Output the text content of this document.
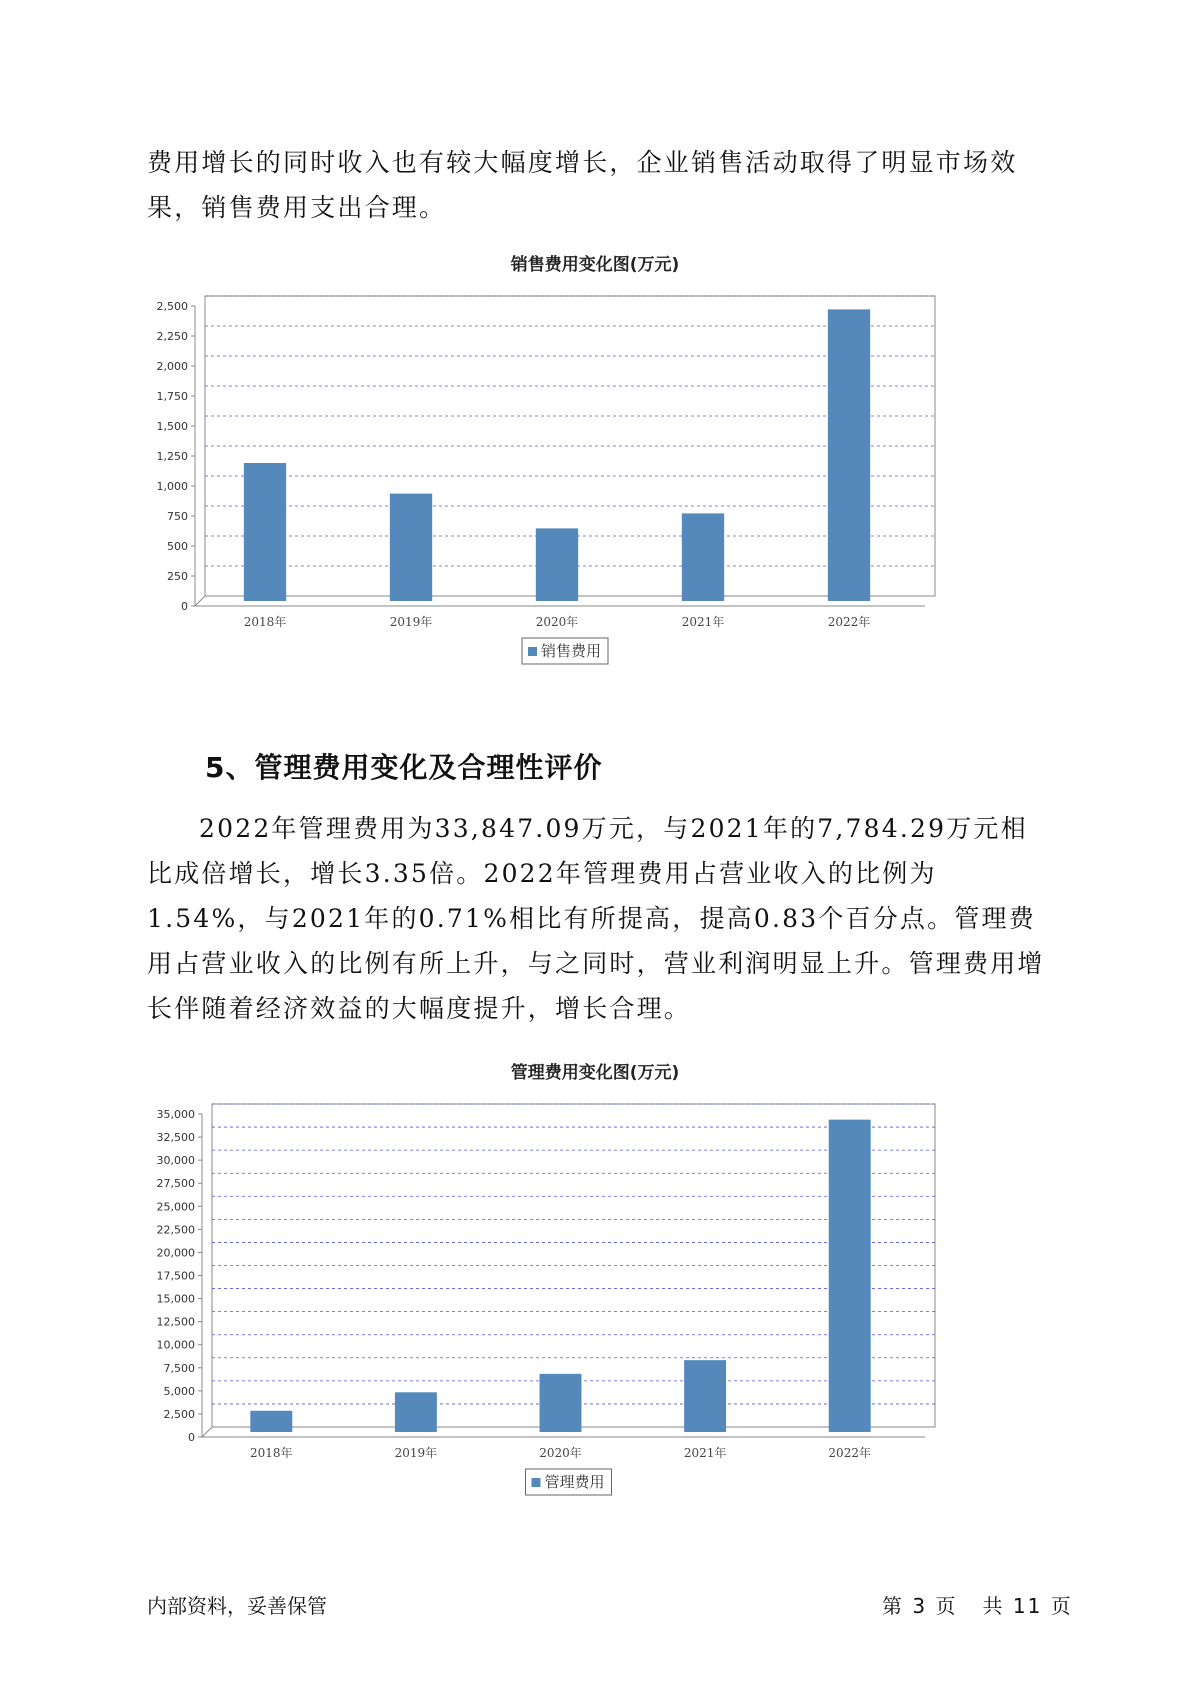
费用增长的同时收入也有较大幅度增长，企业销售活动取得了明显市场效果，销售费用支出合理。

销售费用变化图(万元)
0
250
500
750
1,000
1,250
1,500
1,750
2,000
2,250
2,500
2018年	2019年	2020年	2021年	2022年
销售费用
5、管理费用变化及合理性评价

2022年管理费用为33,847.09万元，与2021年的7,784.29万元相比成倍增长，增长3.35倍。2022年管理费用占营业收入的比例为1.54%，与2021年的0.71%相比有所提高，提高0.83个百分点。管理费用占营业收入的比例有所上升，与之同时，营业利润明显上升。管理费用增长伴随着经济效益的大幅度提升，增长合理。

管理费用变化图(万元)
0
2,500
5,000
7,500
10,000
12,500
15,000
17,500
20,000
22,500
25,000
27,500
30,000
32,500
35,000
2018年	2019年	2020年	2021年	2022年
管理费用
内部资料，妥善保管	第 3 页 共 11 页
